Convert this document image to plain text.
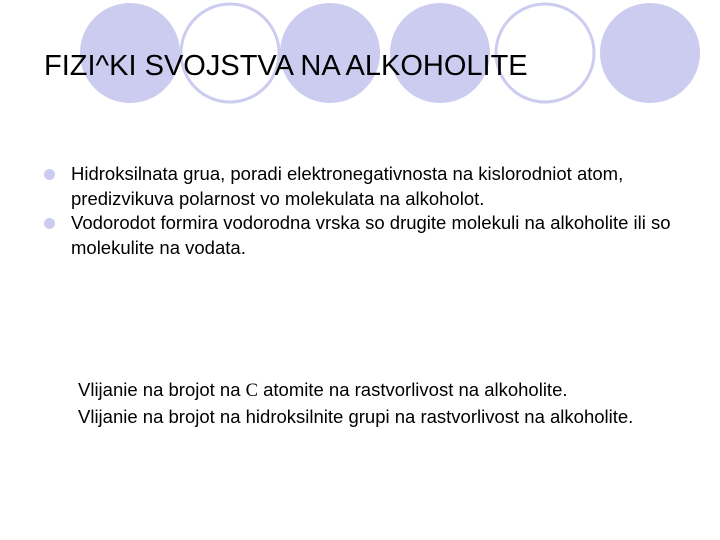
FIZI^KI SVOJSTVA NA ALKOHOLITE
Hidroksilnata grua, poradi elektronegativnosta na kislorodniot atom, predizvikuva polarnost vo molekulata na alkoholot.
Vodorodot formira vodorodna vrska so drugite molekuli na alkoholite ili so molekulite na vodata.

Vlijanie na brojot na C atomite na rastvorlivost na alkoholite.

Vlijanie na brojot na hidroksilnite grupi na rastvorlivost na alkoholite.
